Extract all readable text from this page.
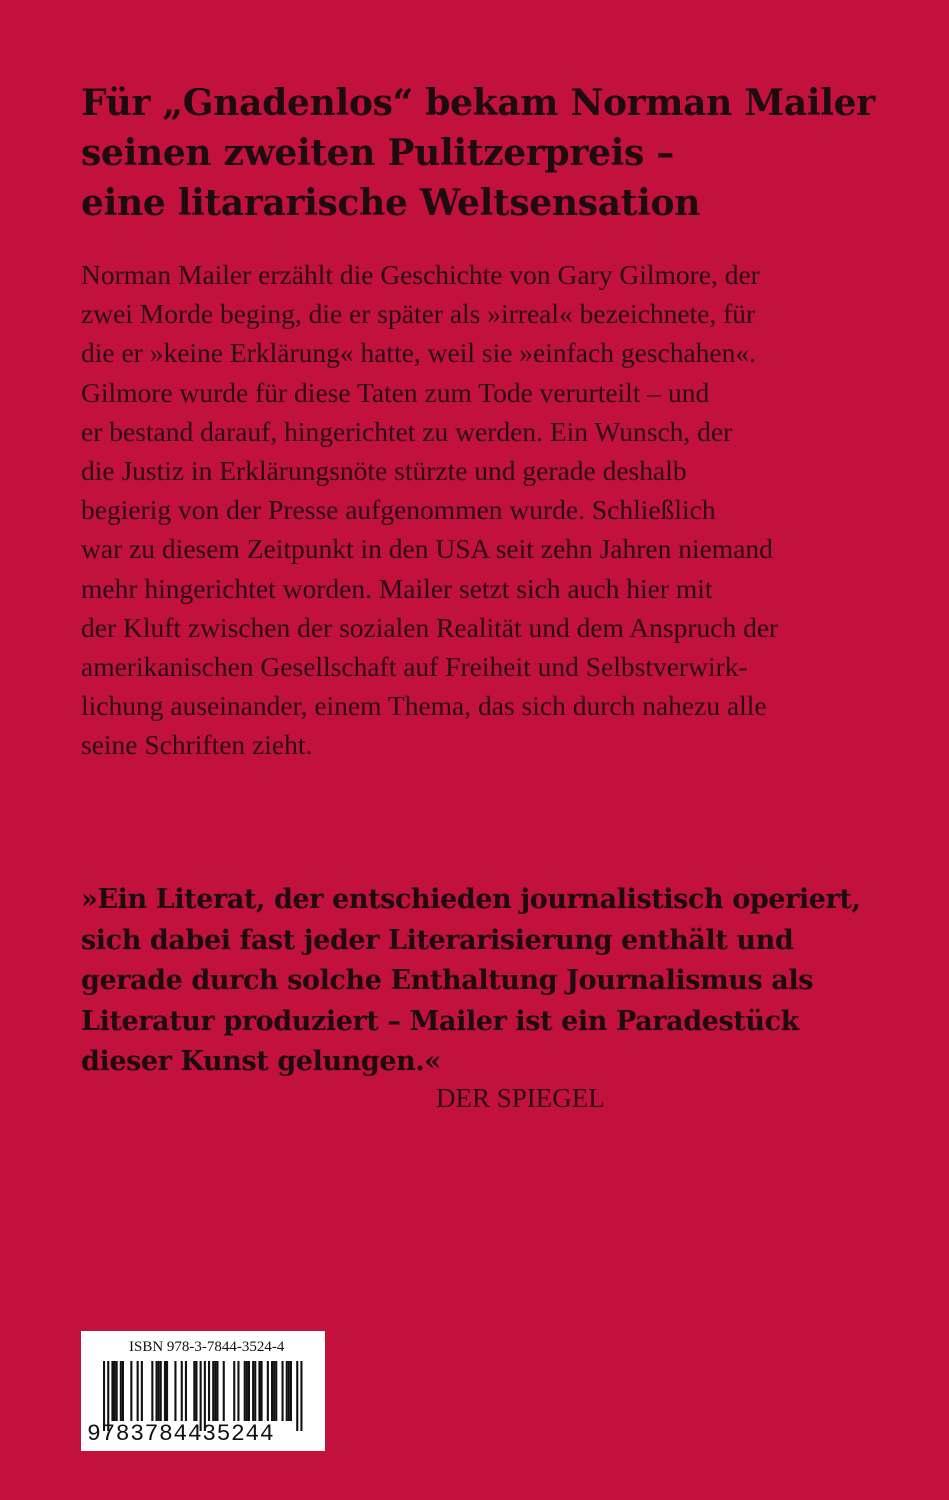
Für „Gnadenlos“ bekam Norman Mailer
seinen zweiten Pulitzerpreis –
eine litararische Weltsensation

Norman Mailer erzählt die Geschichte von Gary Gilmore, der
zwei Morde beging, die er später als »irreal« bezeichnete, für
die er »keine Erklärung« hatte, weil sie »einfach geschahen«.
Gilmore wurde für diese Taten zum Tode verurteilt – und
er bestand darauf, hingerichtet zu werden. Ein Wunsch, der
die Justiz in Erklärungsnöte stürzte und gerade deshalb
begierig von der Presse aufgenommen wurde. Schließlich
war zu diesem Zeitpunkt in den USA seit zehn Jahren niemand
mehr hingerichtet worden. Mailer setzt sich auch hier mit
der Kluft zwischen der sozialen Realität und dem Anspruch der
amerikanischen Gesellschaft auf Freiheit und Selbstverwirk-
lichung auseinander, einem Thema, das sich durch nahezu alle
seine Schriften zieht.

»Ein Literat, der entschieden journalistisch operiert,
sich dabei fast jeder Literarisierung enthält und
gerade durch solche Enthaltung Journalismus als
Literatur produziert – Mailer ist ein Paradestück
dieser Kunst gelungen.«
DER SPIEGEL
ISBN 978-3-7844-3524-4
9783784435244
